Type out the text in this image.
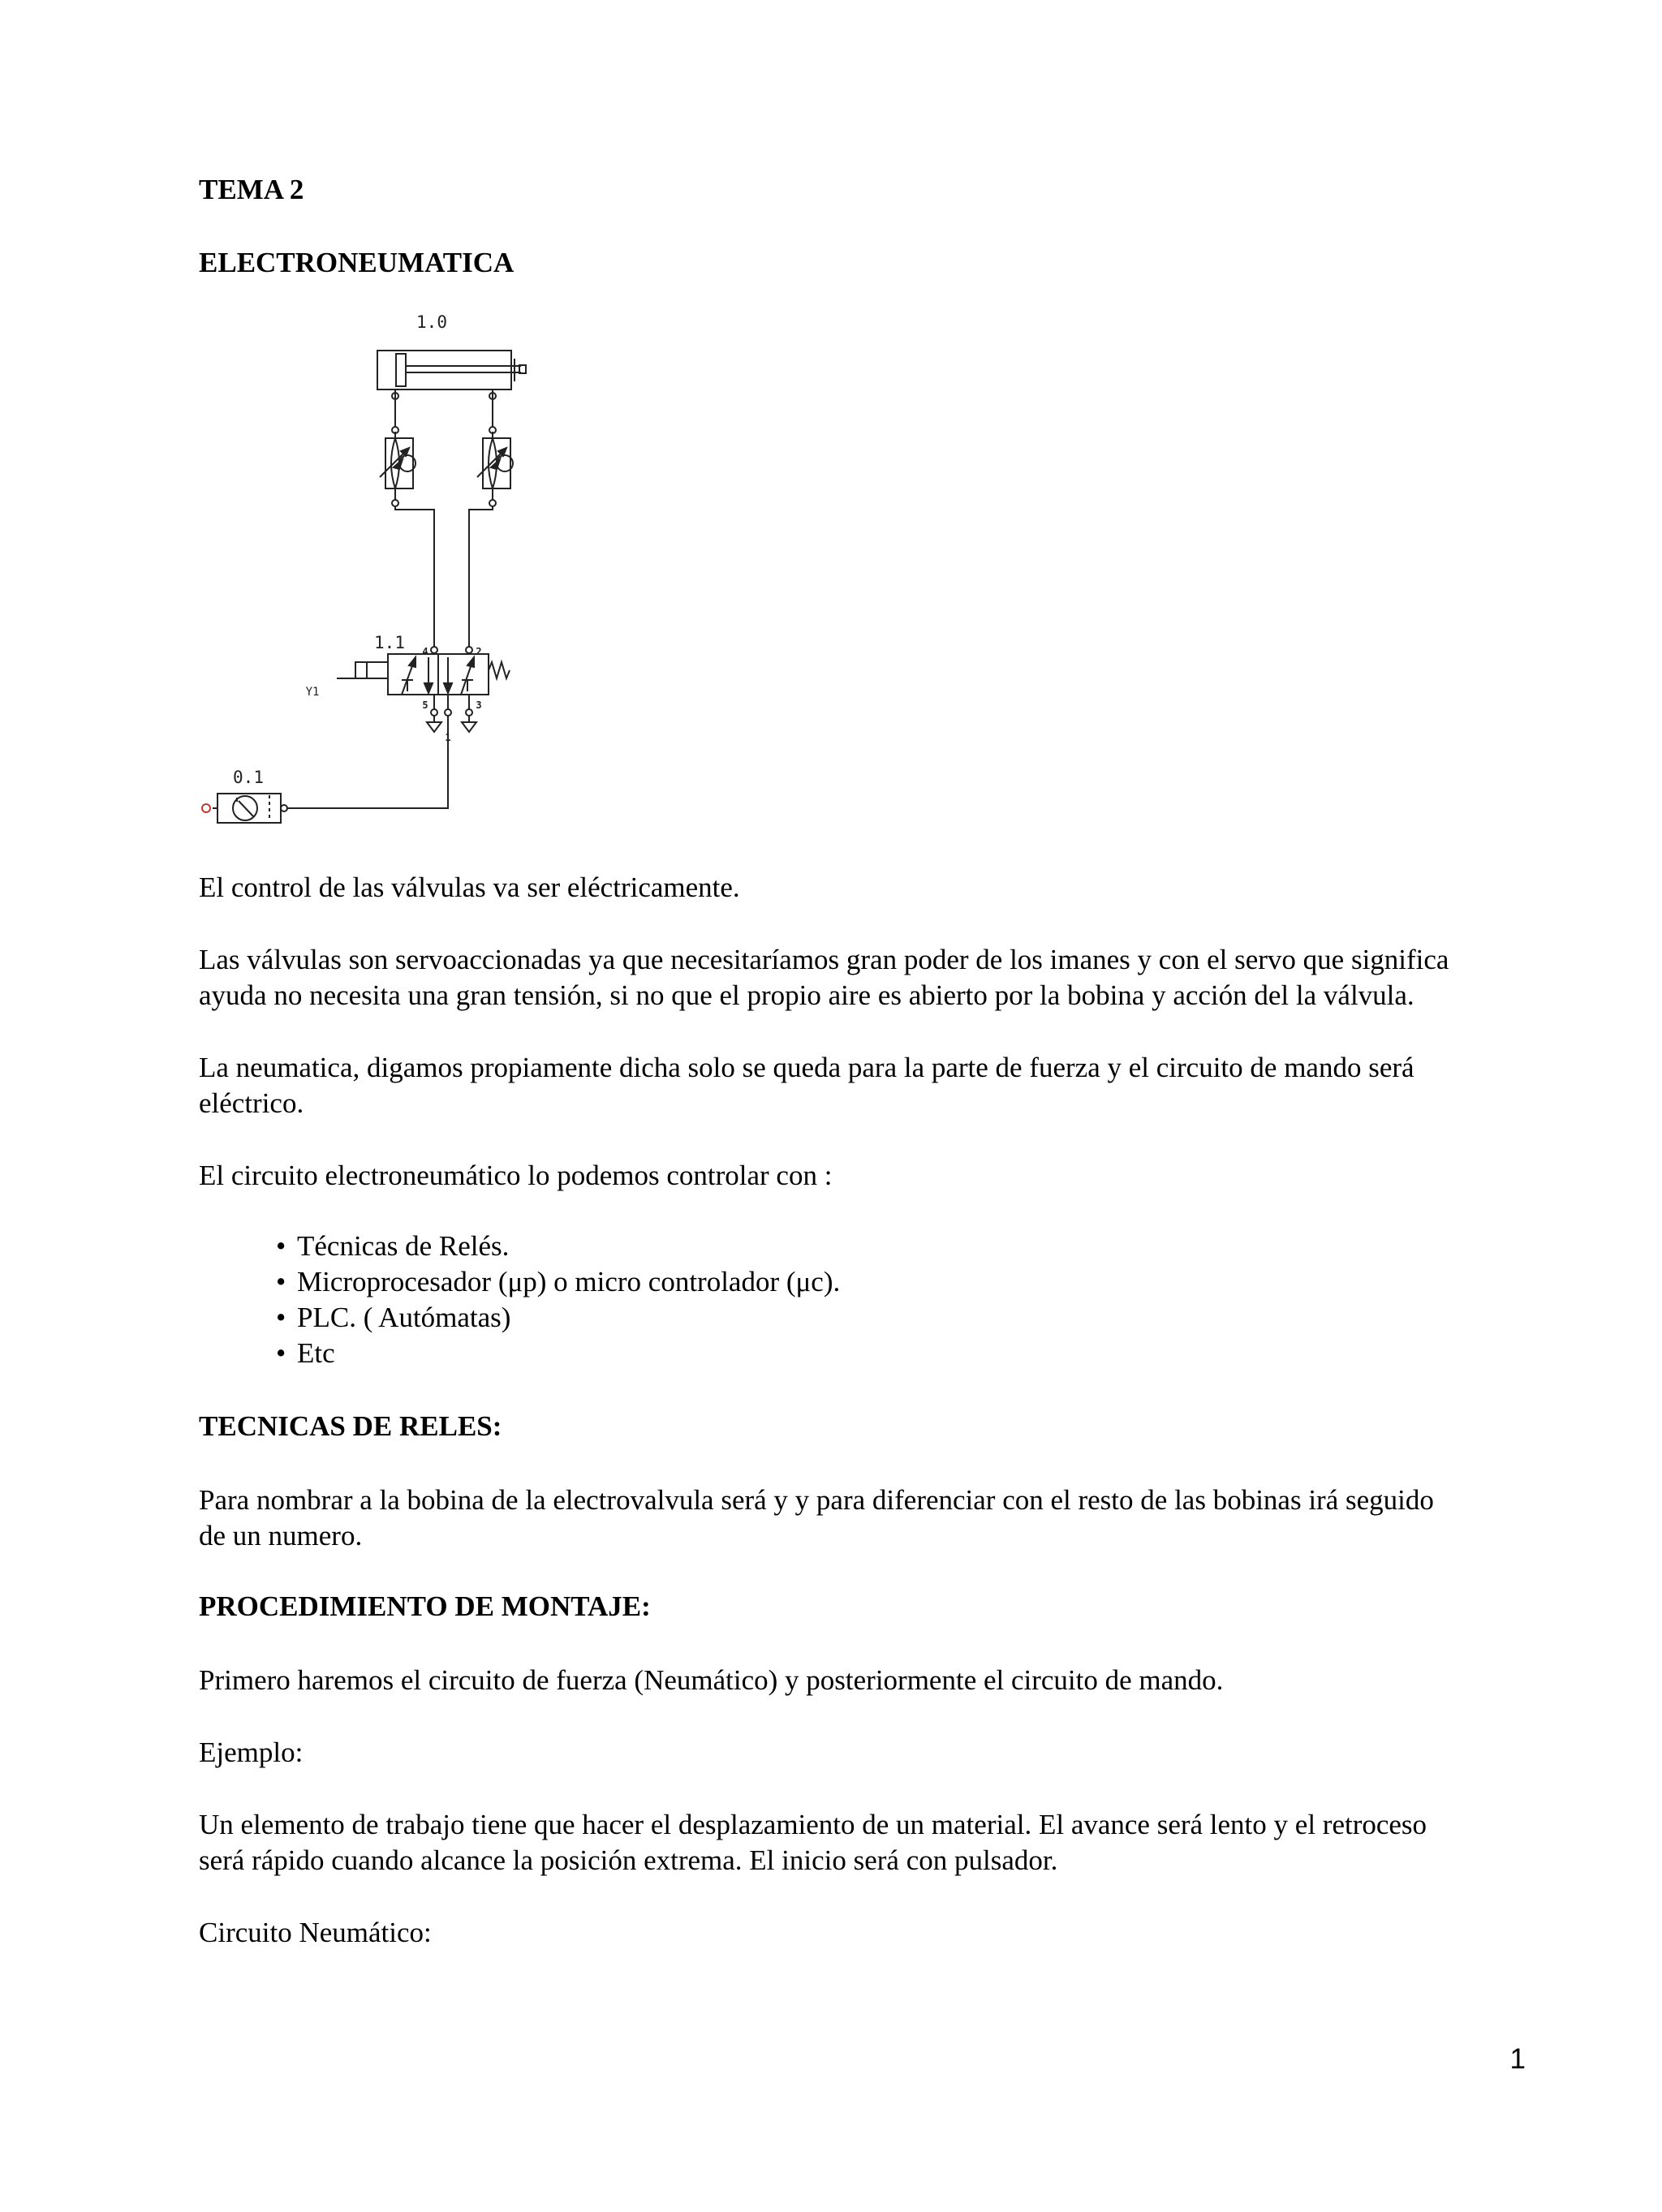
TEMA 2
ELECTRONEUMATICA
1.0
1.1 4	2
5	3
1
Y1
0.1

El control de las válvulas va ser eléctricamente.

Las válvulas son servoaccionadas ya que necesitaríamos gran poder de los imanes y con el servo que significa

ayuda no necesita una gran tensión, si no que el propio aire es abierto por la bobina y acción del la válvula.

La neumatica, digamos propiamente dicha solo se queda para la parte de fuerza y el circuito de mando será

eléctrico.

El circuito electroneumático lo podemos controlar con :

• Técnicas de Relés.
• Microprocesador (μp) o micro controlador (μc).
• PLC. ( Autómatas)
• Etc
TECNICAS DE RELES:

Para nombrar a la bobina de la electrovalvula será y y para diferenciar con el resto de las bobinas irá seguido

de un numero.

PROCEDIMIENTO DE MONTAJE:

Primero haremos el circuito de fuerza (Neumático) y posteriormente el circuito de mando.

Ejemplo:

Un elemento de trabajo tiene que hacer el desplazamiento de un material. El avance será lento y el retroceso

será rápido cuando alcance la posición extrema. El inicio será con pulsador.

Circuito Neumático:

1
